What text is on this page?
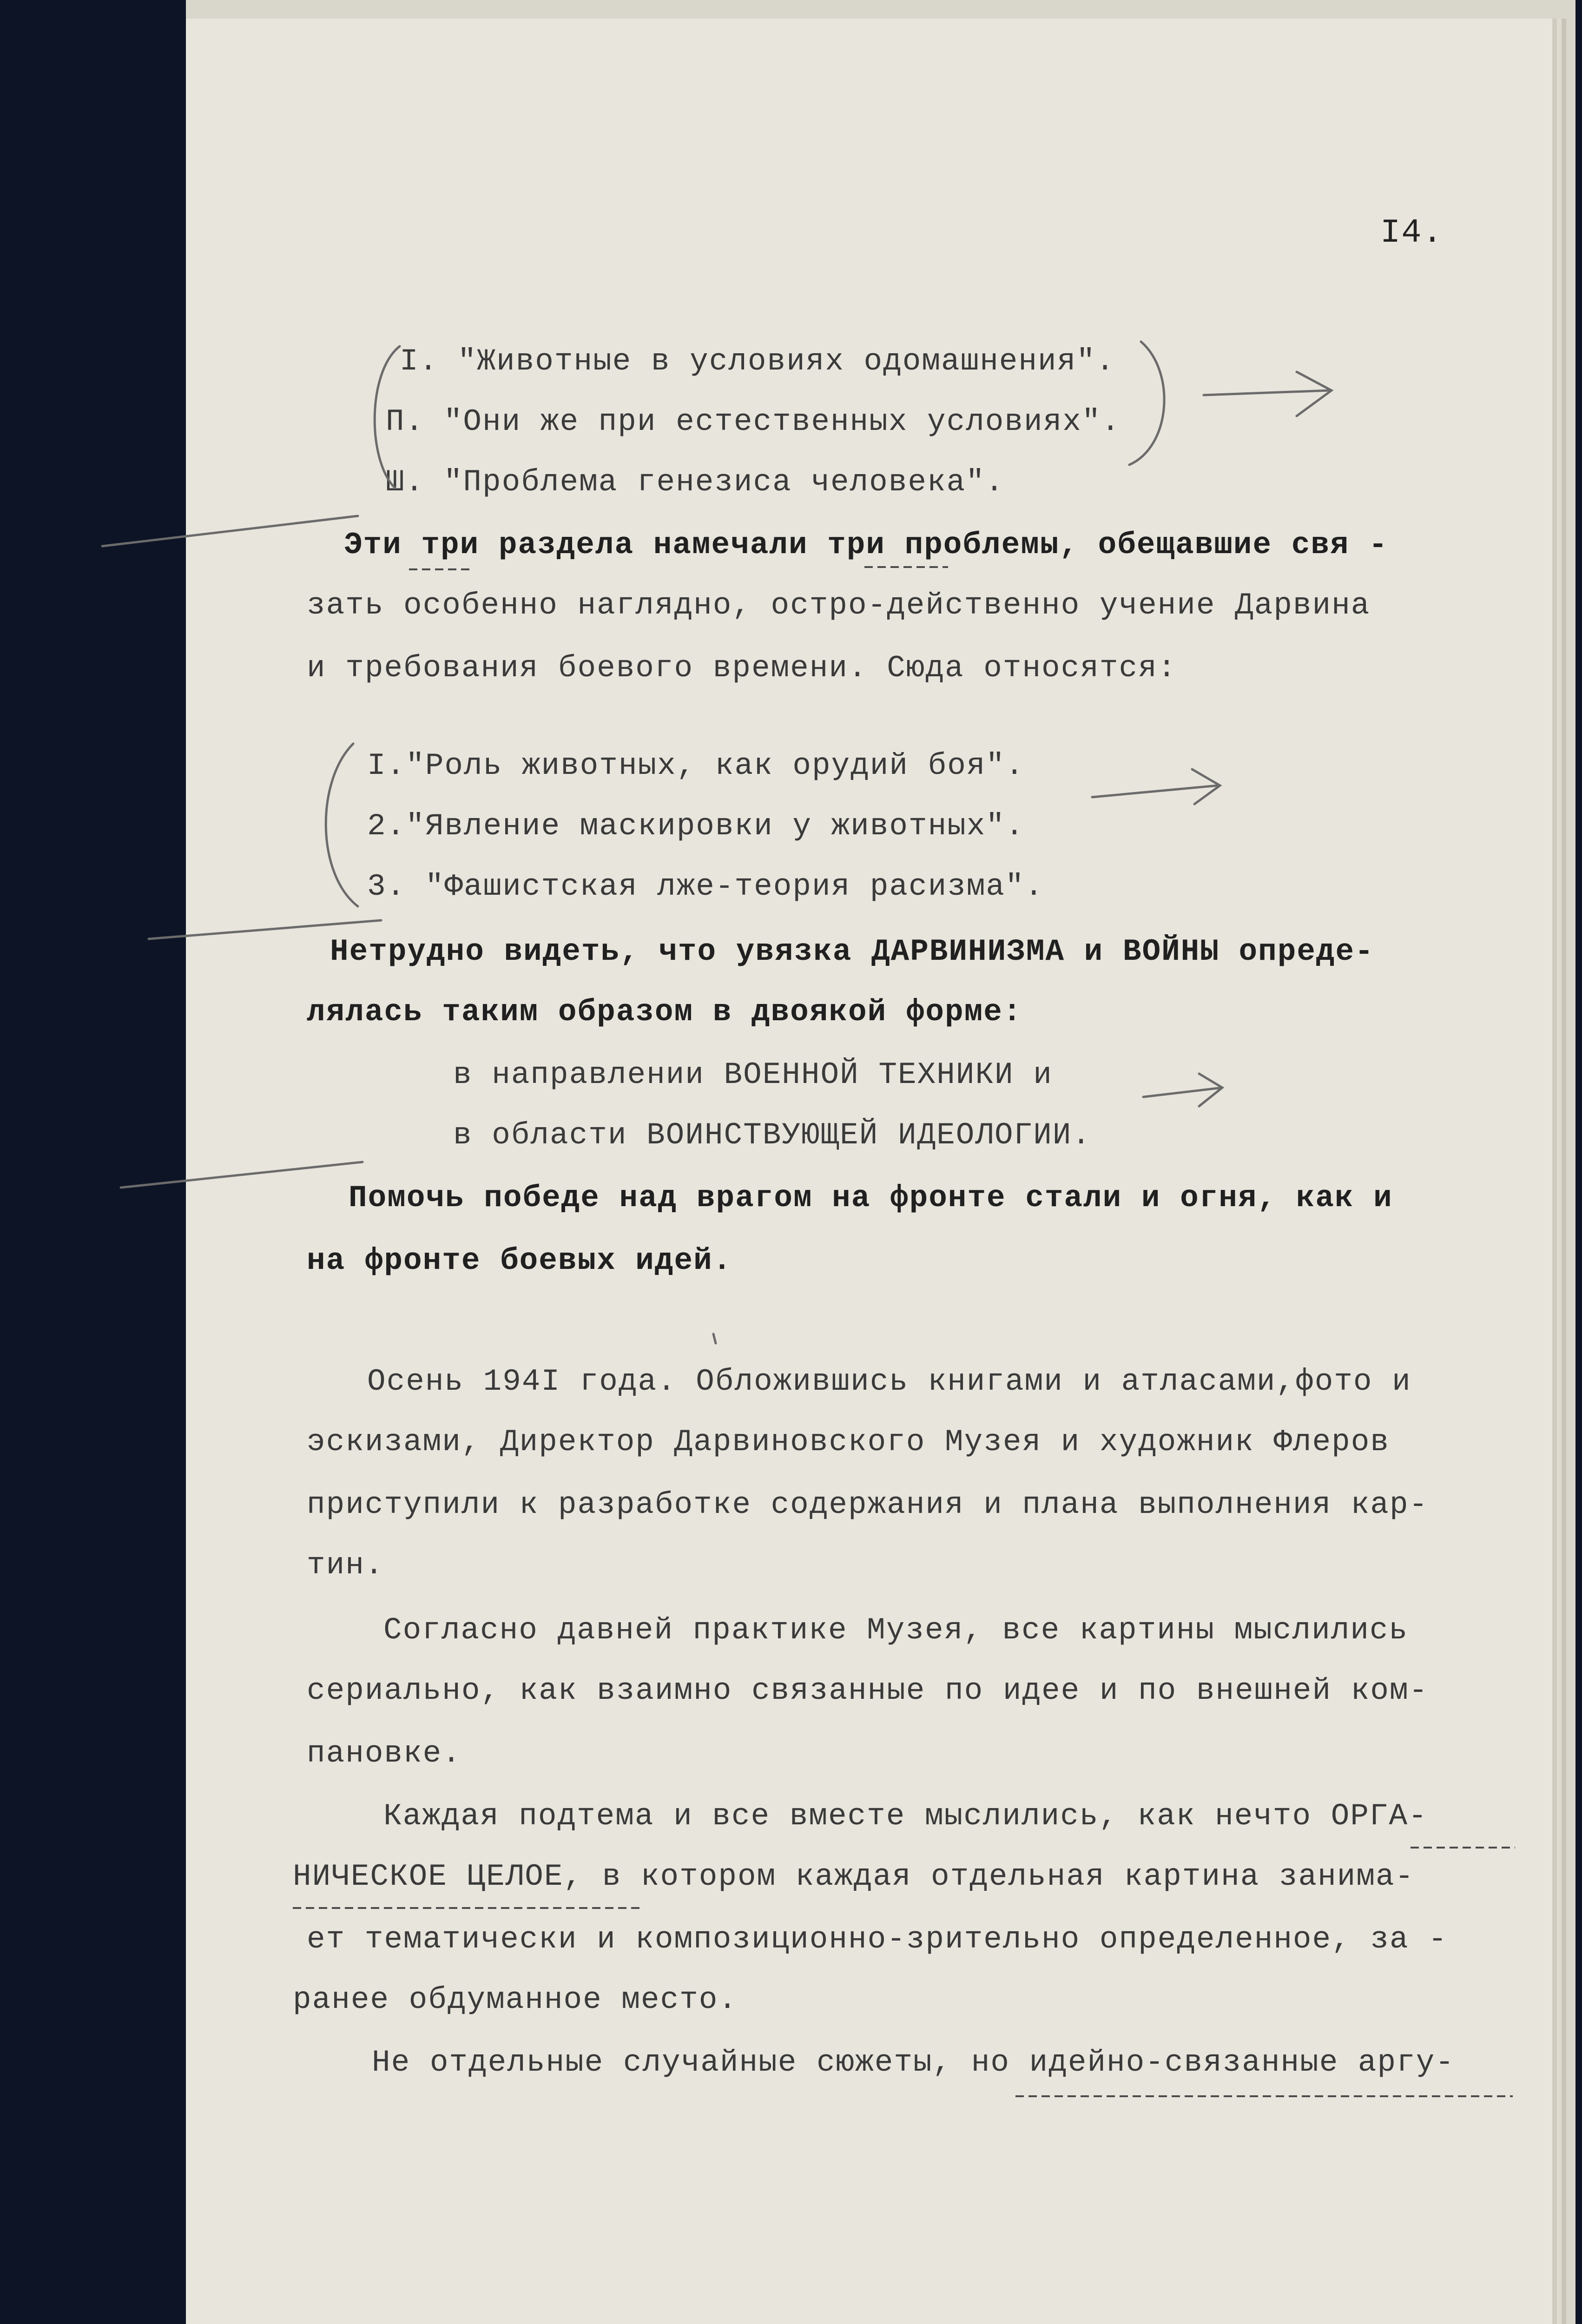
I4.
I. "Животные в условиях одомашнения".
П. "Они же при естественных условиях".
Ш. "Проблема генезиса человека".
Эти три раздела намечали три проблемы, обещавшие свя -
зать особенно наглядно, остро-действенно учение Дарвина
и требования боевого времени. Сюда относятся:
I."Роль животных, как орудий боя".
2."Явление маскировки у животных".
3. "Фашистская лже-теория расизма".
Нетрудно видеть, что увязка ДАРВИНИЗМА и ВОЙНЫ опреде-
лялась таким образом в двоякой форме:
в направлении ВОЕННОЙ ТЕХНИКИ и
в области ВОИНСТВУЮЩЕЙ ИДЕОЛОГИИ.
Помочь победе над врагом на фронте стали и огня, как и
на фронте боевых идей.
Осень 194I года. Обложившись книгами и атласами,фото и
эскизами, Директор Дарвиновского Музея и художник Флеров
приступили к разработке содержания и плана выполнения кар-
тин.
Согласно давней практике Музея, все картины мыслились
сериально, как взаимно связанные по идее и по внешней ком-
пановке.
Каждая подтема и все вместе мыслились, как нечто ОРГА-
НИЧЕСКОЕ ЦЕЛОЕ, в котором каждая отдельная картина занима-
ет тематически и композиционно-зрительно определенное, за -
ранее обдуманное место.
Не отдельные случайные сюжеты, но идейно-связанные аргу-
